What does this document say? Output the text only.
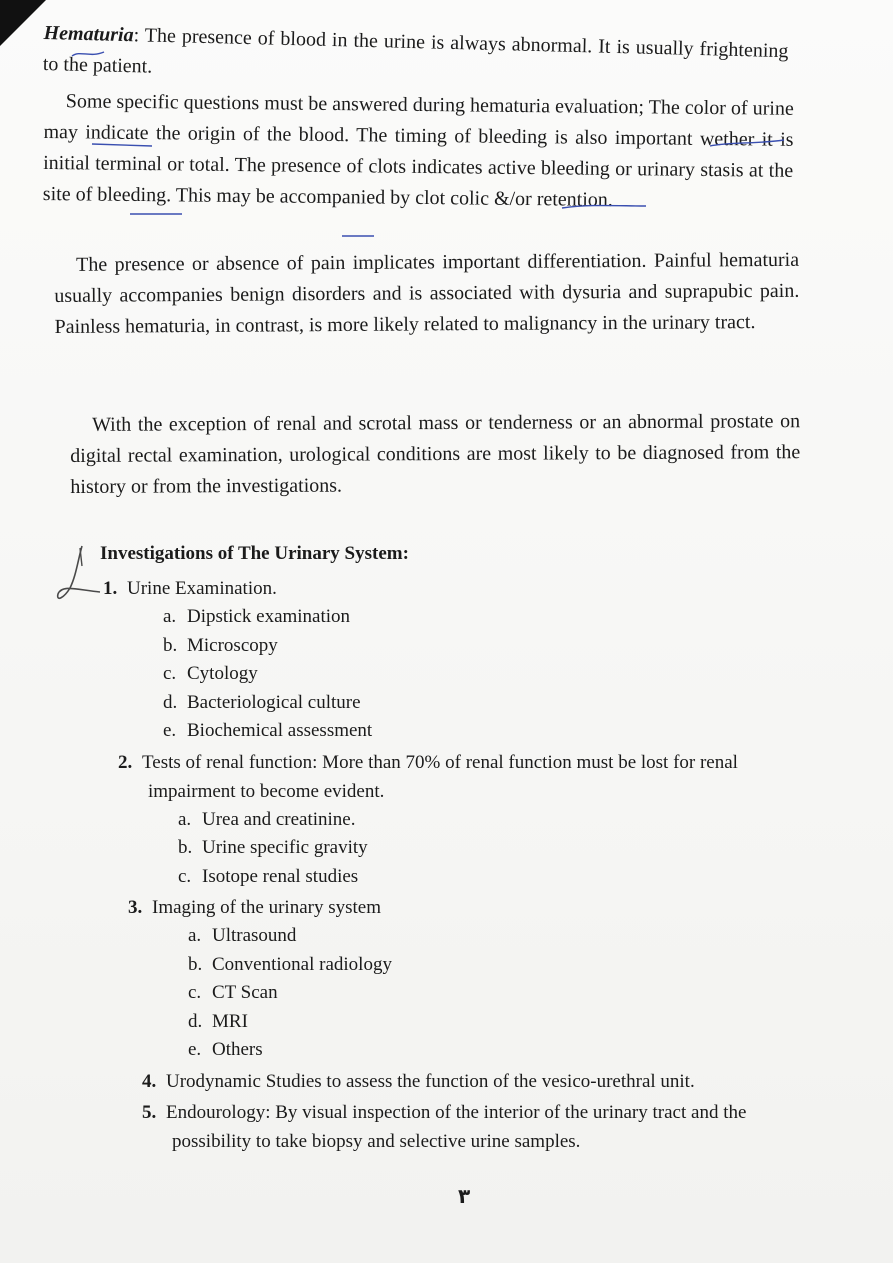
Hematuria: The presence of blood in the urine is always abnormal. It is usually frightening to the patient.
Some specific questions must be answered during hematuria evaluation; The color of urine may indicate the origin of the blood. The timing of bleeding is also important wether it is initial terminal or total. The presence of clots indicates active bleeding or urinary stasis at the site of bleeding. This may be accompanied by clot colic &/or retention.
The presence or absence of pain implicates important differentiation. Painful hematuria usually accompanies benign disorders and is associated with dysuria and suprapubic pain. Painless hematuria, in contrast, is more likely related to malignancy in the urinary tract.
With the exception of renal and scrotal mass or tenderness or an abnormal prostate on digital rectal examination, urological conditions are most likely to be diagnosed from the history or from the investigations.
Investigations of The Urinary System:
1. Urine Examination.
a. Dipstick examination
b. Microscopy
c. Cytology
d. Bacteriological culture
e. Biochemical assessment
2. Tests of renal function: More than 70% of renal function must be lost for renal
impairment to become evident.
a. Urea and creatinine.
b. Urine specific gravity
c. Isotope renal studies
3. Imaging of the urinary system
a. Ultrasound
b. Conventional radiology
c. CT Scan
d. MRI
e. Others
4. Urodynamic Studies to assess the function of the vesico-urethral unit.
5. Endourology: By visual inspection of the interior of the urinary tract and the
possibility to take biopsy and selective urine samples.
٣
